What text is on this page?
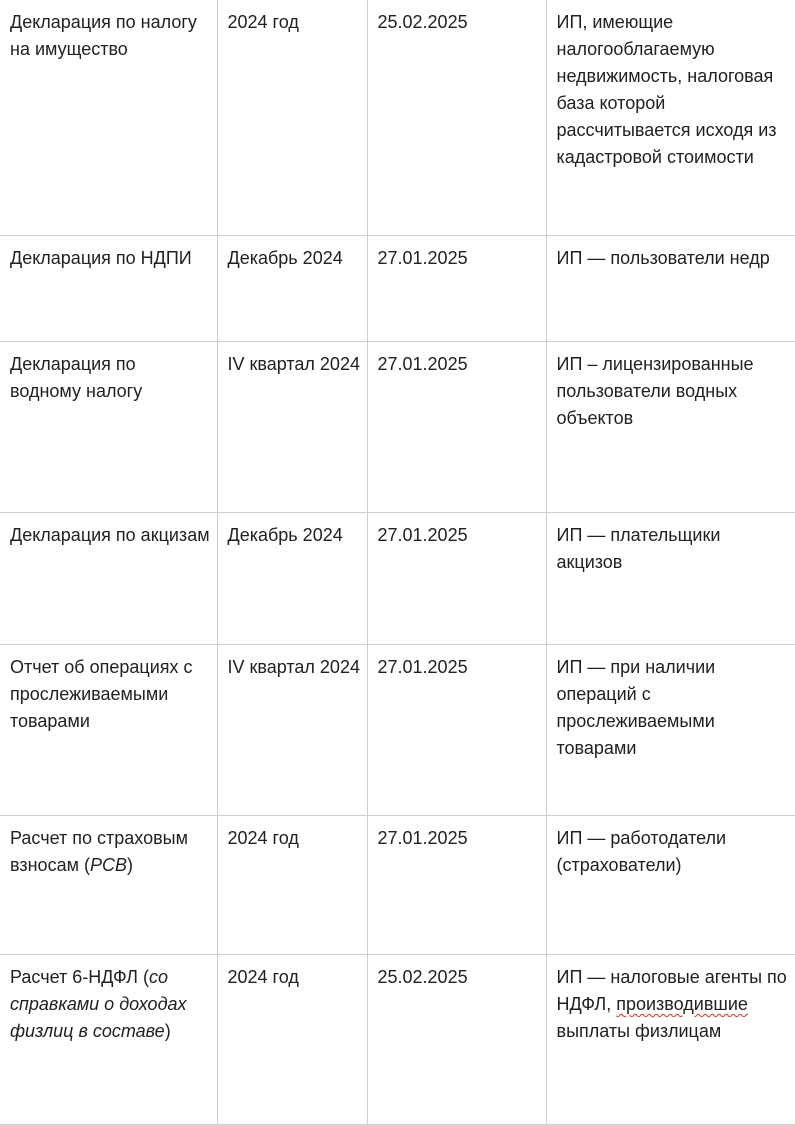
Декларация по налогу на имущество	2024 год	25.02.2025	ИП, имеющие налогооблагаемую недвижимость, налоговая база которой рассчитывается исходя из кадастровой стоимости
Декларация по НДПИ	Декабрь 2024	27.01.2025	ИП — пользователи недр
Декларация по водному налогу	IV квартал 2024	27.01.2025	ИП – лицензированные пользователи водных объектов
Декларация по акцизам	Декабрь 2024	27.01.2025	ИП — плательщики акцизов
Отчет об операциях с прослеживаемыми товарами	IV квартал 2024	27.01.2025	ИП — при наличии операций с прослеживаемыми товарами
Расчет по страховым взносам (РСВ)	2024 год	27.01.2025	ИП — работодатели (страхователи)
Расчет 6-НДФЛ (со справками о доходах физлиц в составе)	2024 год	25.02.2025	ИП — налоговые агенты по НДФЛ, производившие выплаты физлицам
